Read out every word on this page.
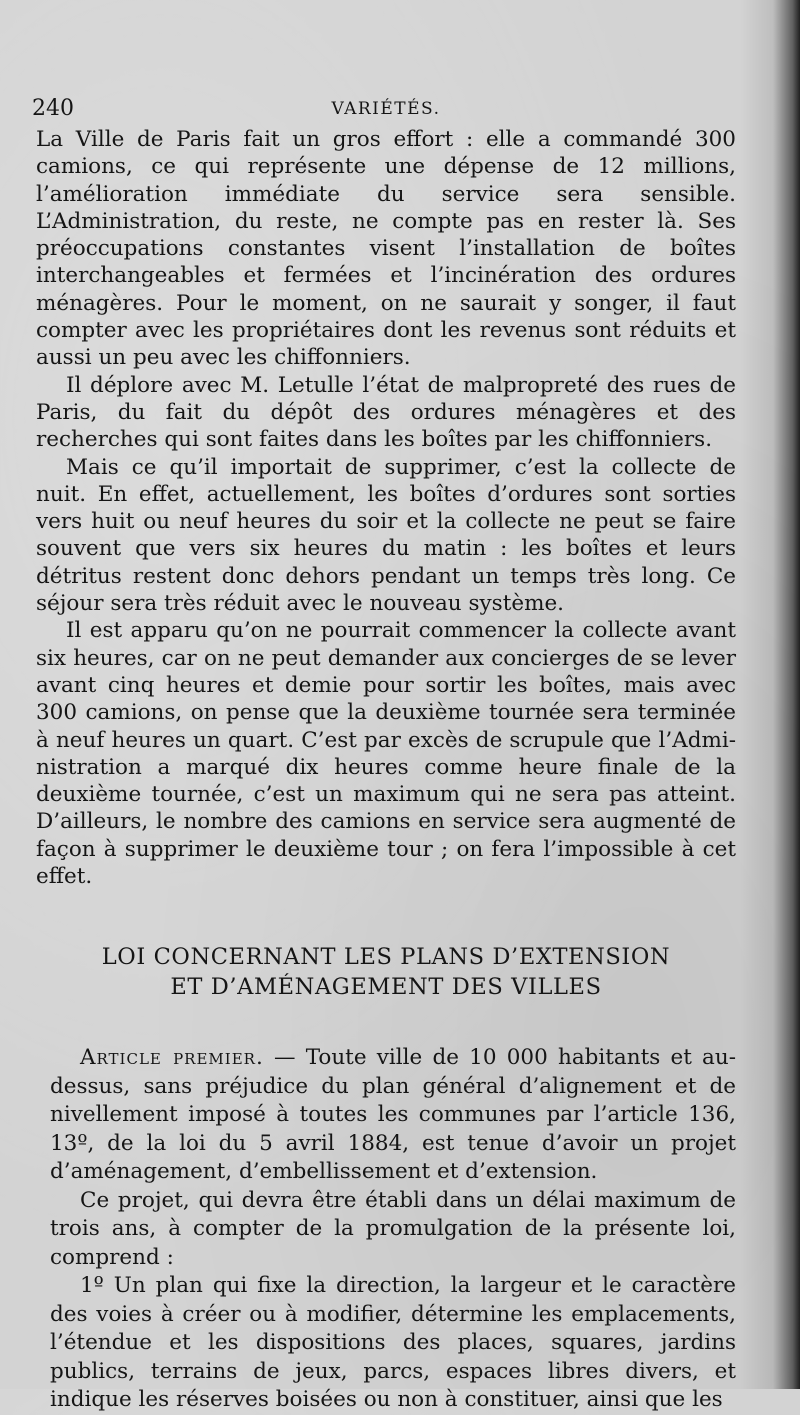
240	VARIÉTÉS.

La Ville de Paris fait un gros effort : elle a commandé 300 camions, ce qui représente une dépense de 12 millions, l’amélioration immédiate du service sera sensible. L’Administration, du reste, ne compte pas en rester là. Ses préoccupations constantes visent l’installation de boîtes interchangeables et fermées et l’incinération des ordures ménagères. Pour le moment, on ne saurait y songer, il faut compter avec les propriétaires dont les revenus sont réduits et aussi un peu avec les chiffonniers.

Il déplore avec M. Letulle l’état de malpropreté des rues de Paris, du fait du dépôt des ordures ménagères et des recherches qui sont faites dans les boîtes par les chiffonniers.

Mais ce qu’il importait de supprimer, c’est la collecte de nuit. En effet, actuellement, les boîtes d’ordures sont sorties vers huit ou neuf heures du soir et la collecte ne peut se faire souvent que vers six heures du matin : les boîtes et leurs détritus restent donc dehors pendant un temps très long. Ce séjour sera très réduit avec le nouveau système.

Il est apparu qu’on ne pourrait commencer la collecte avant six heures, car on ne peut demander aux concierges de se lever avant cinq heures et demie pour sortir les boîtes, mais avec 300 camions, on pense que la deuxième tournée sera terminée à neuf heures un quart. C’est par excès de scrupule que l’Administration a marqué dix heures comme heure finale de la deuxième tournée, c’est un maximum qui ne sera pas atteint. D’ailleurs, le nombre des camions en service sera augmenté de façon à supprimer le deuxième tour ; on fera l’impossible à cet effet.

LOI CONCERNANT LES PLANS D’EXTENSION
ET D’AMÉNAGEMENT DES VILLES

Article premier. — Toute ville de 10 000 habitants et audessus, sans préjudice du plan général d’alignement et de nivellement imposé à toutes les communes par l’article 136, 13º, de la loi du 5 avril 1884, est tenue d’avoir un projet d’aménagement, d’embellissement et d’extension.

Ce projet, qui devra être établi dans un délai maximum de trois ans, à compter de la promulgation de la présente loi, comprend :

1º Un plan qui fixe la direction, la largeur et le caractère des voies à créer ou à modifier, détermine les emplacements, l’étendue et les dispositions des places, squares, jardins publics, terrains de jeux, parcs, espaces libres divers, et indique les réserves boisées ou non à constituer, ainsi que les
